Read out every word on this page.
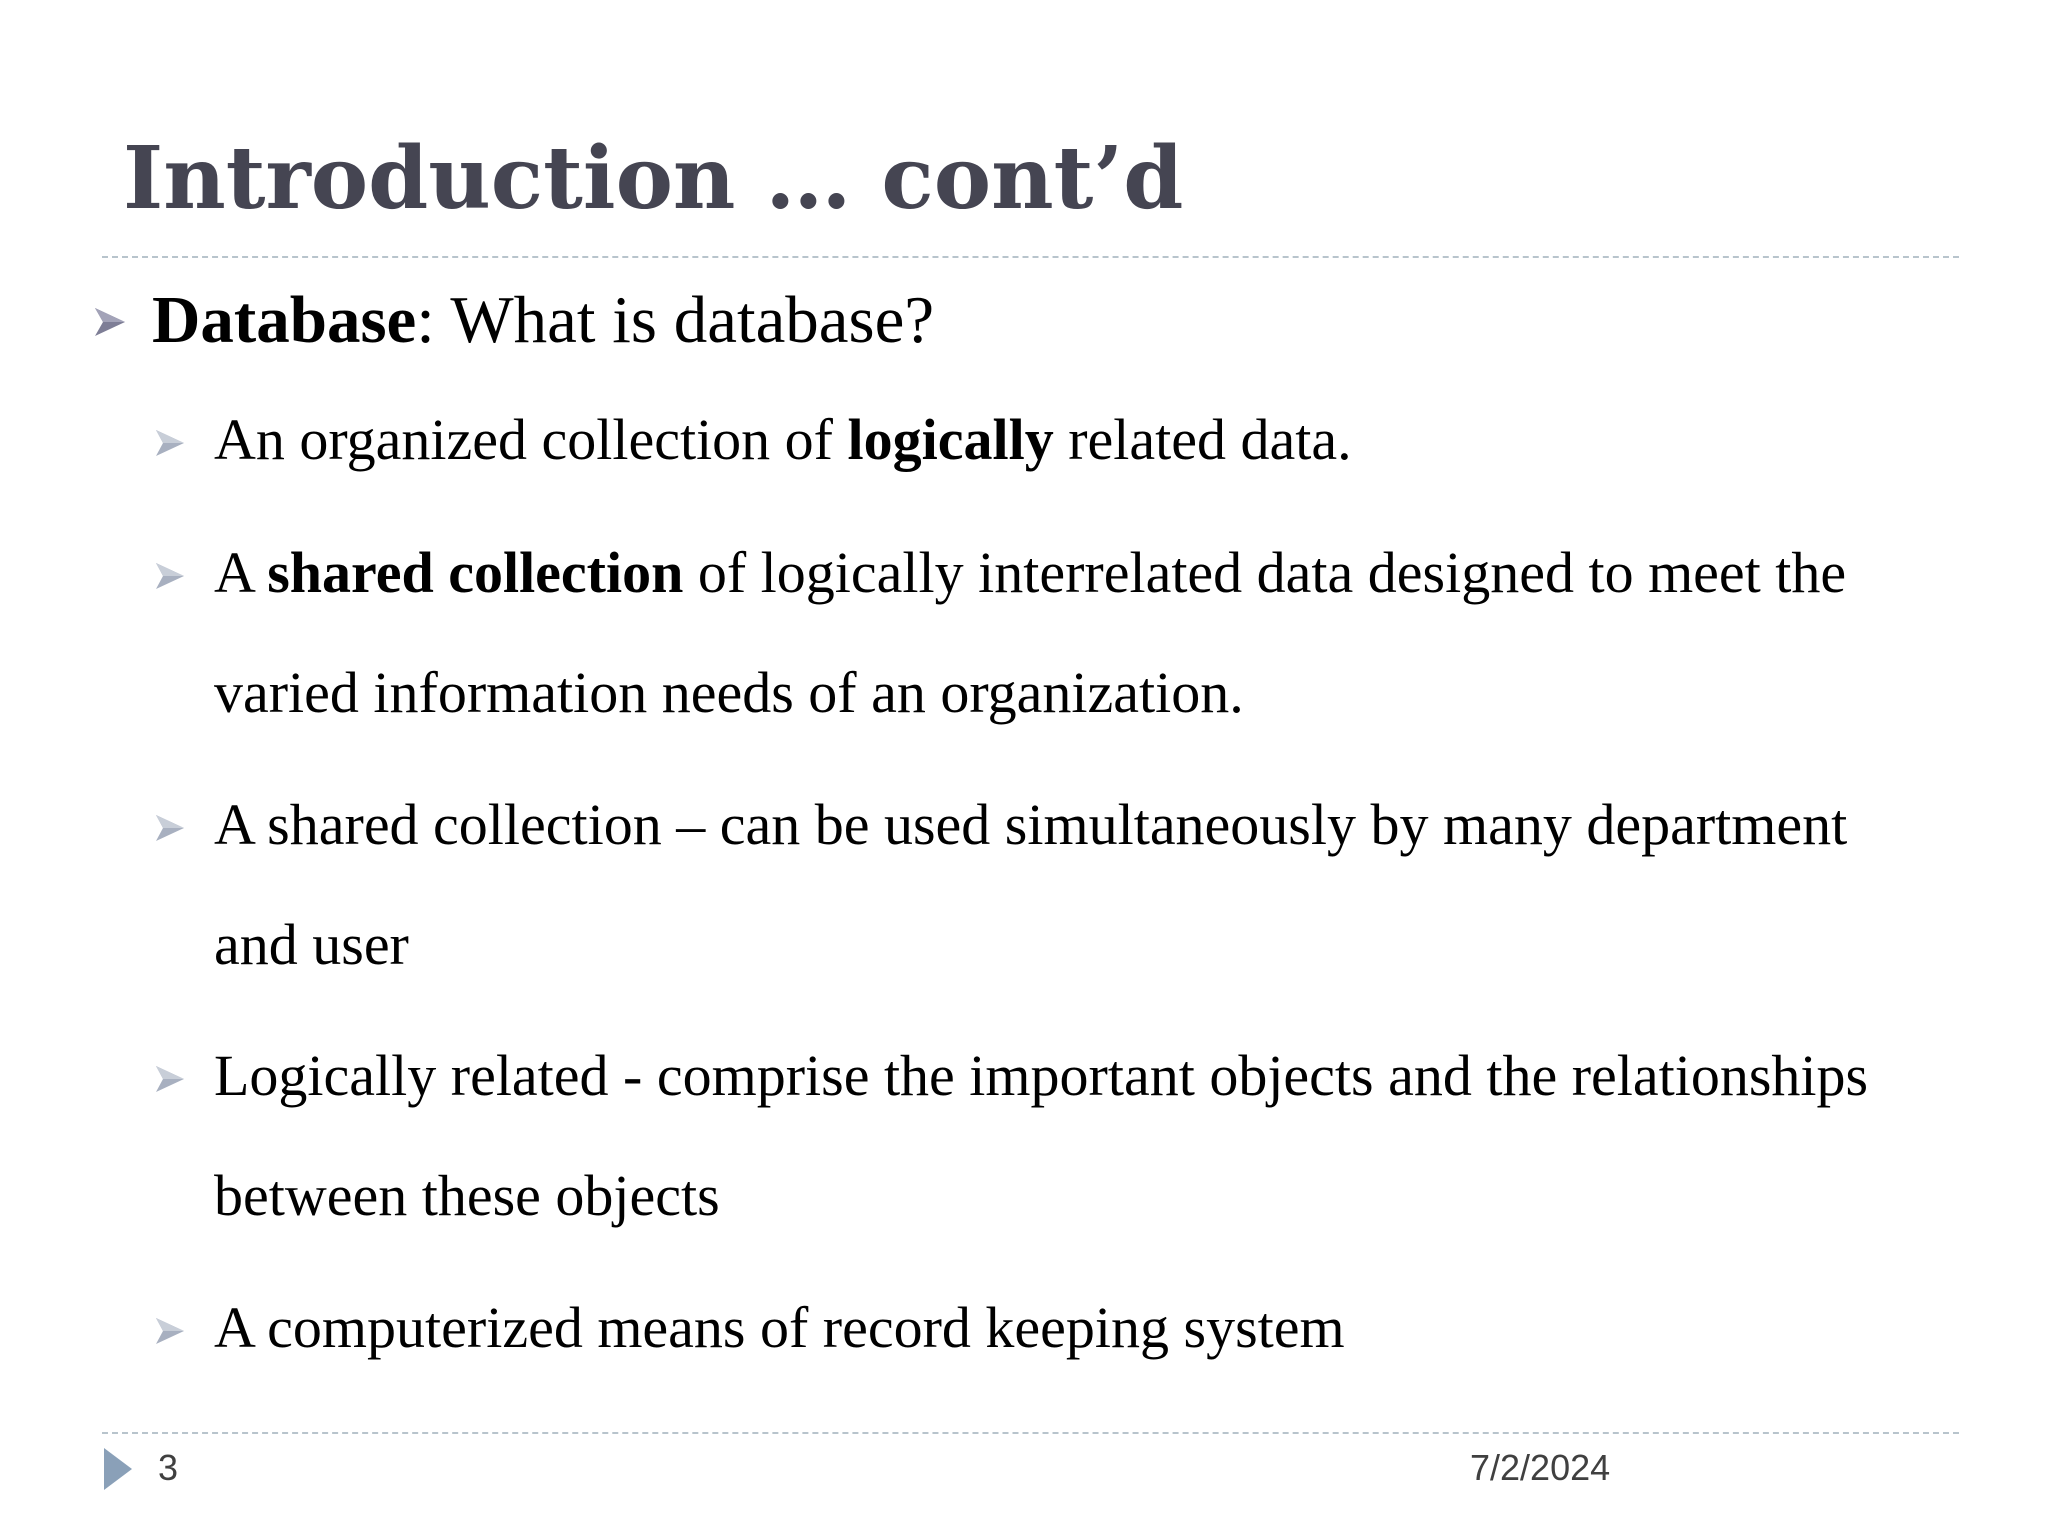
Introduction … cont’d
Database: What is database?
An organized collection of logically related data.
A shared collection of logically interrelated data designed to meet the varied information needs of an organization.
A shared collection – can be used simultaneously by many department and user
Logically related - comprise the important objects and the relationships between these objects
A computerized means of record keeping system
3	7/2/2024
